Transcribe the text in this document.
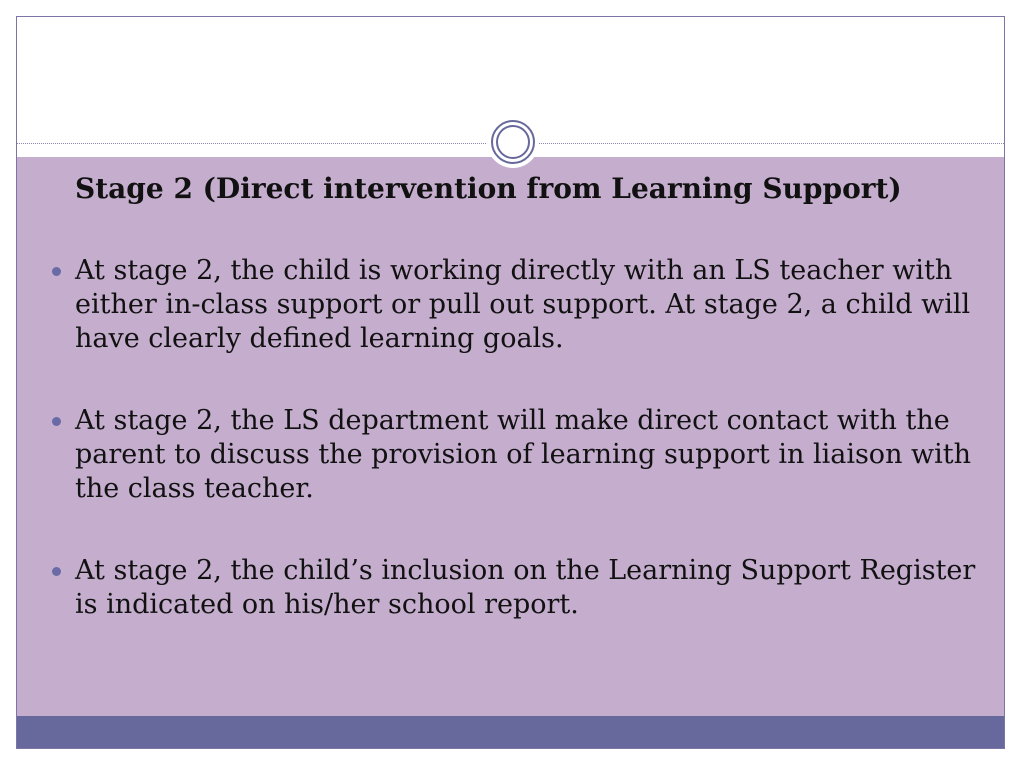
Stage 2 (Direct intervention from Learning Support)
At stage 2, the child is working directly with an LS teacher with either in-class support or pull out support. At stage 2, a child will have clearly defined learning goals.
At stage 2, the LS department will make direct contact with the parent to discuss the provision of learning support in liaison with the class teacher.
At stage 2, the child’s inclusion on the Learning Support Register is indicated on his/her school report.
